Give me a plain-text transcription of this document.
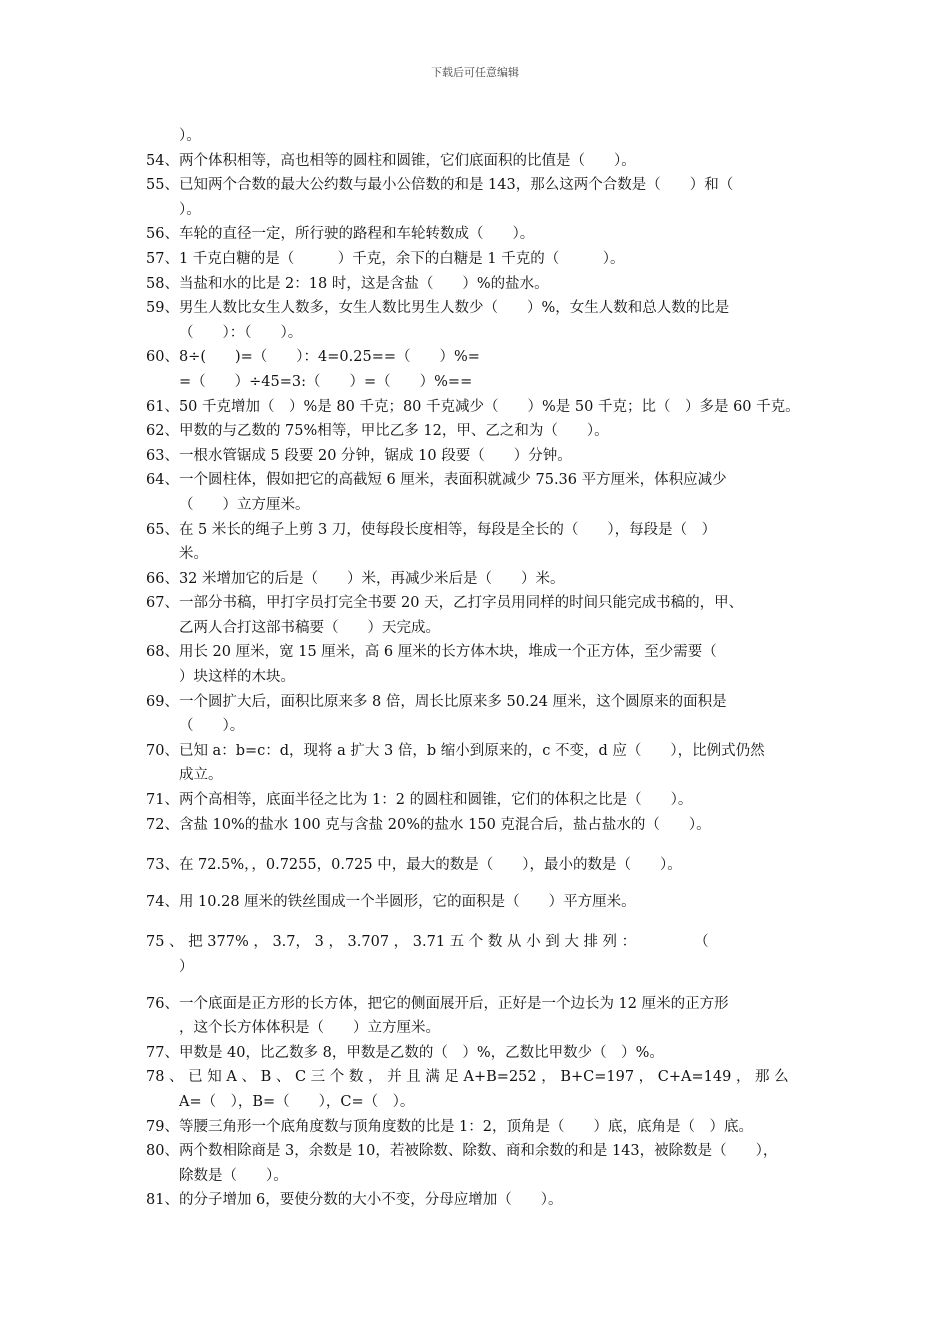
下载后可任意编辑
）。
54、两个体积相等，高也相等的圆柱和圆锥，它们底面积的比值是（　　）。
55、已知两个合数的最大公约数与最小公倍数的和是 143，那么这两个合数是（　　）和（
）。
56、车轮的直径一定，所行驶的路程和车轮转数成（　　）。
57、1 千克白糖的是（　　　）千克，余下的白糖是 1 千克的（　　　）。
58、当盐和水的比是 2：18 时，这是含盐（　　）%的盐水。
59、男生人数比女生人数多，女生人数比男生人数少（　　）%，女生人数和总人数的比是
（　　）：（　　）。
60、8÷(　　)=（　　）：4=0.25==（　　）%=
=（　　）÷45=3:（　　）=（　　）%==
61、50 千克增加（　）%是 80 千克；80 千克减少（　　）%是 50 千克；比（　）多是 60 千克。
62、甲数的与乙数的 75%相等，甲比乙多 12，甲、乙之和为（　　）。
63、一根水管锯成 5 段要 20 分钟，锯成 10 段要（　　）分钟。
64、一个圆柱体，假如把它的高截短 6 厘米，表面积就减少 75.36 平方厘米，体积应减少
（　　）立方厘米。
65、在 5 米长的绳子上剪 3 刀，使每段长度相等，每段是全长的（　　），每段是（　）
米。
66、32 米增加它的后是（　　）米，再减少米后是（　　）米。
67、一部分书稿，甲打字员打完全书要 20 天，乙打字员用同样的时间只能完成书稿的，甲、
乙两人合打这部书稿要（　　）天完成。
68、用长 20 厘米，宽 15 厘米，高 6 厘米的长方体木块，堆成一个正方体，至少需要（
）块这样的木块。
69、一个圆扩大后，面积比原来多 8 倍，周长比原来多 50.24 厘米，这个圆原来的面积是
（　　）。
70、已知 a：b=c：d，现将 a 扩大 3 倍，b 缩小到原来的，c 不变，d 应（　　），比例式仍然
成立。
71、两个高相等，底面半径之比为 1：2 的圆柱和圆锥，它们的体积之比是（　　）。
72、含盐 10%的盐水 100 克与含盐 20%的盐水 150 克混合后，盐占盐水的（　　）。
73、在 72.5%，，0.7255，0.725 中，最大的数是（　　），最小的数是（　　）。
74、用 10.28 厘米的铁丝围成一个半圆形，它的面积是（　　）平方厘米。
75 、 把 377% ， 3.7， 3 ， 3.707 ， 3.71 五 个 数 从 小 到 大 排 列 ：　　　　　（
）
76、一个底面是正方形的长方体，把它的侧面展开后，正好是一个边长为 12 厘米的正方形
，这个长方体体积是（　　）立方厘米。
77、甲数是 40，比乙数多 8，甲数是乙数的（　）%，乙数比甲数少（　）%。
78 、 已 知 A 、 B 、 C 三 个 数 ， 并 且 满 足 A+B=252 ， B+C=197 ， C+A=149 ， 那 么
A=（　），B=（　　），C=（　）。
79、等腰三角形一个底角度数与顶角度数的比是 1：2，顶角是（　　）底，底角是（　）底。
80、两个数相除商是 3，余数是 10，若被除数、除数、商和余数的和是 143，被除数是（　　），
除数是（　　）。
81、的分子增加 6，要使分数的大小不变，分母应增加（　　）。
